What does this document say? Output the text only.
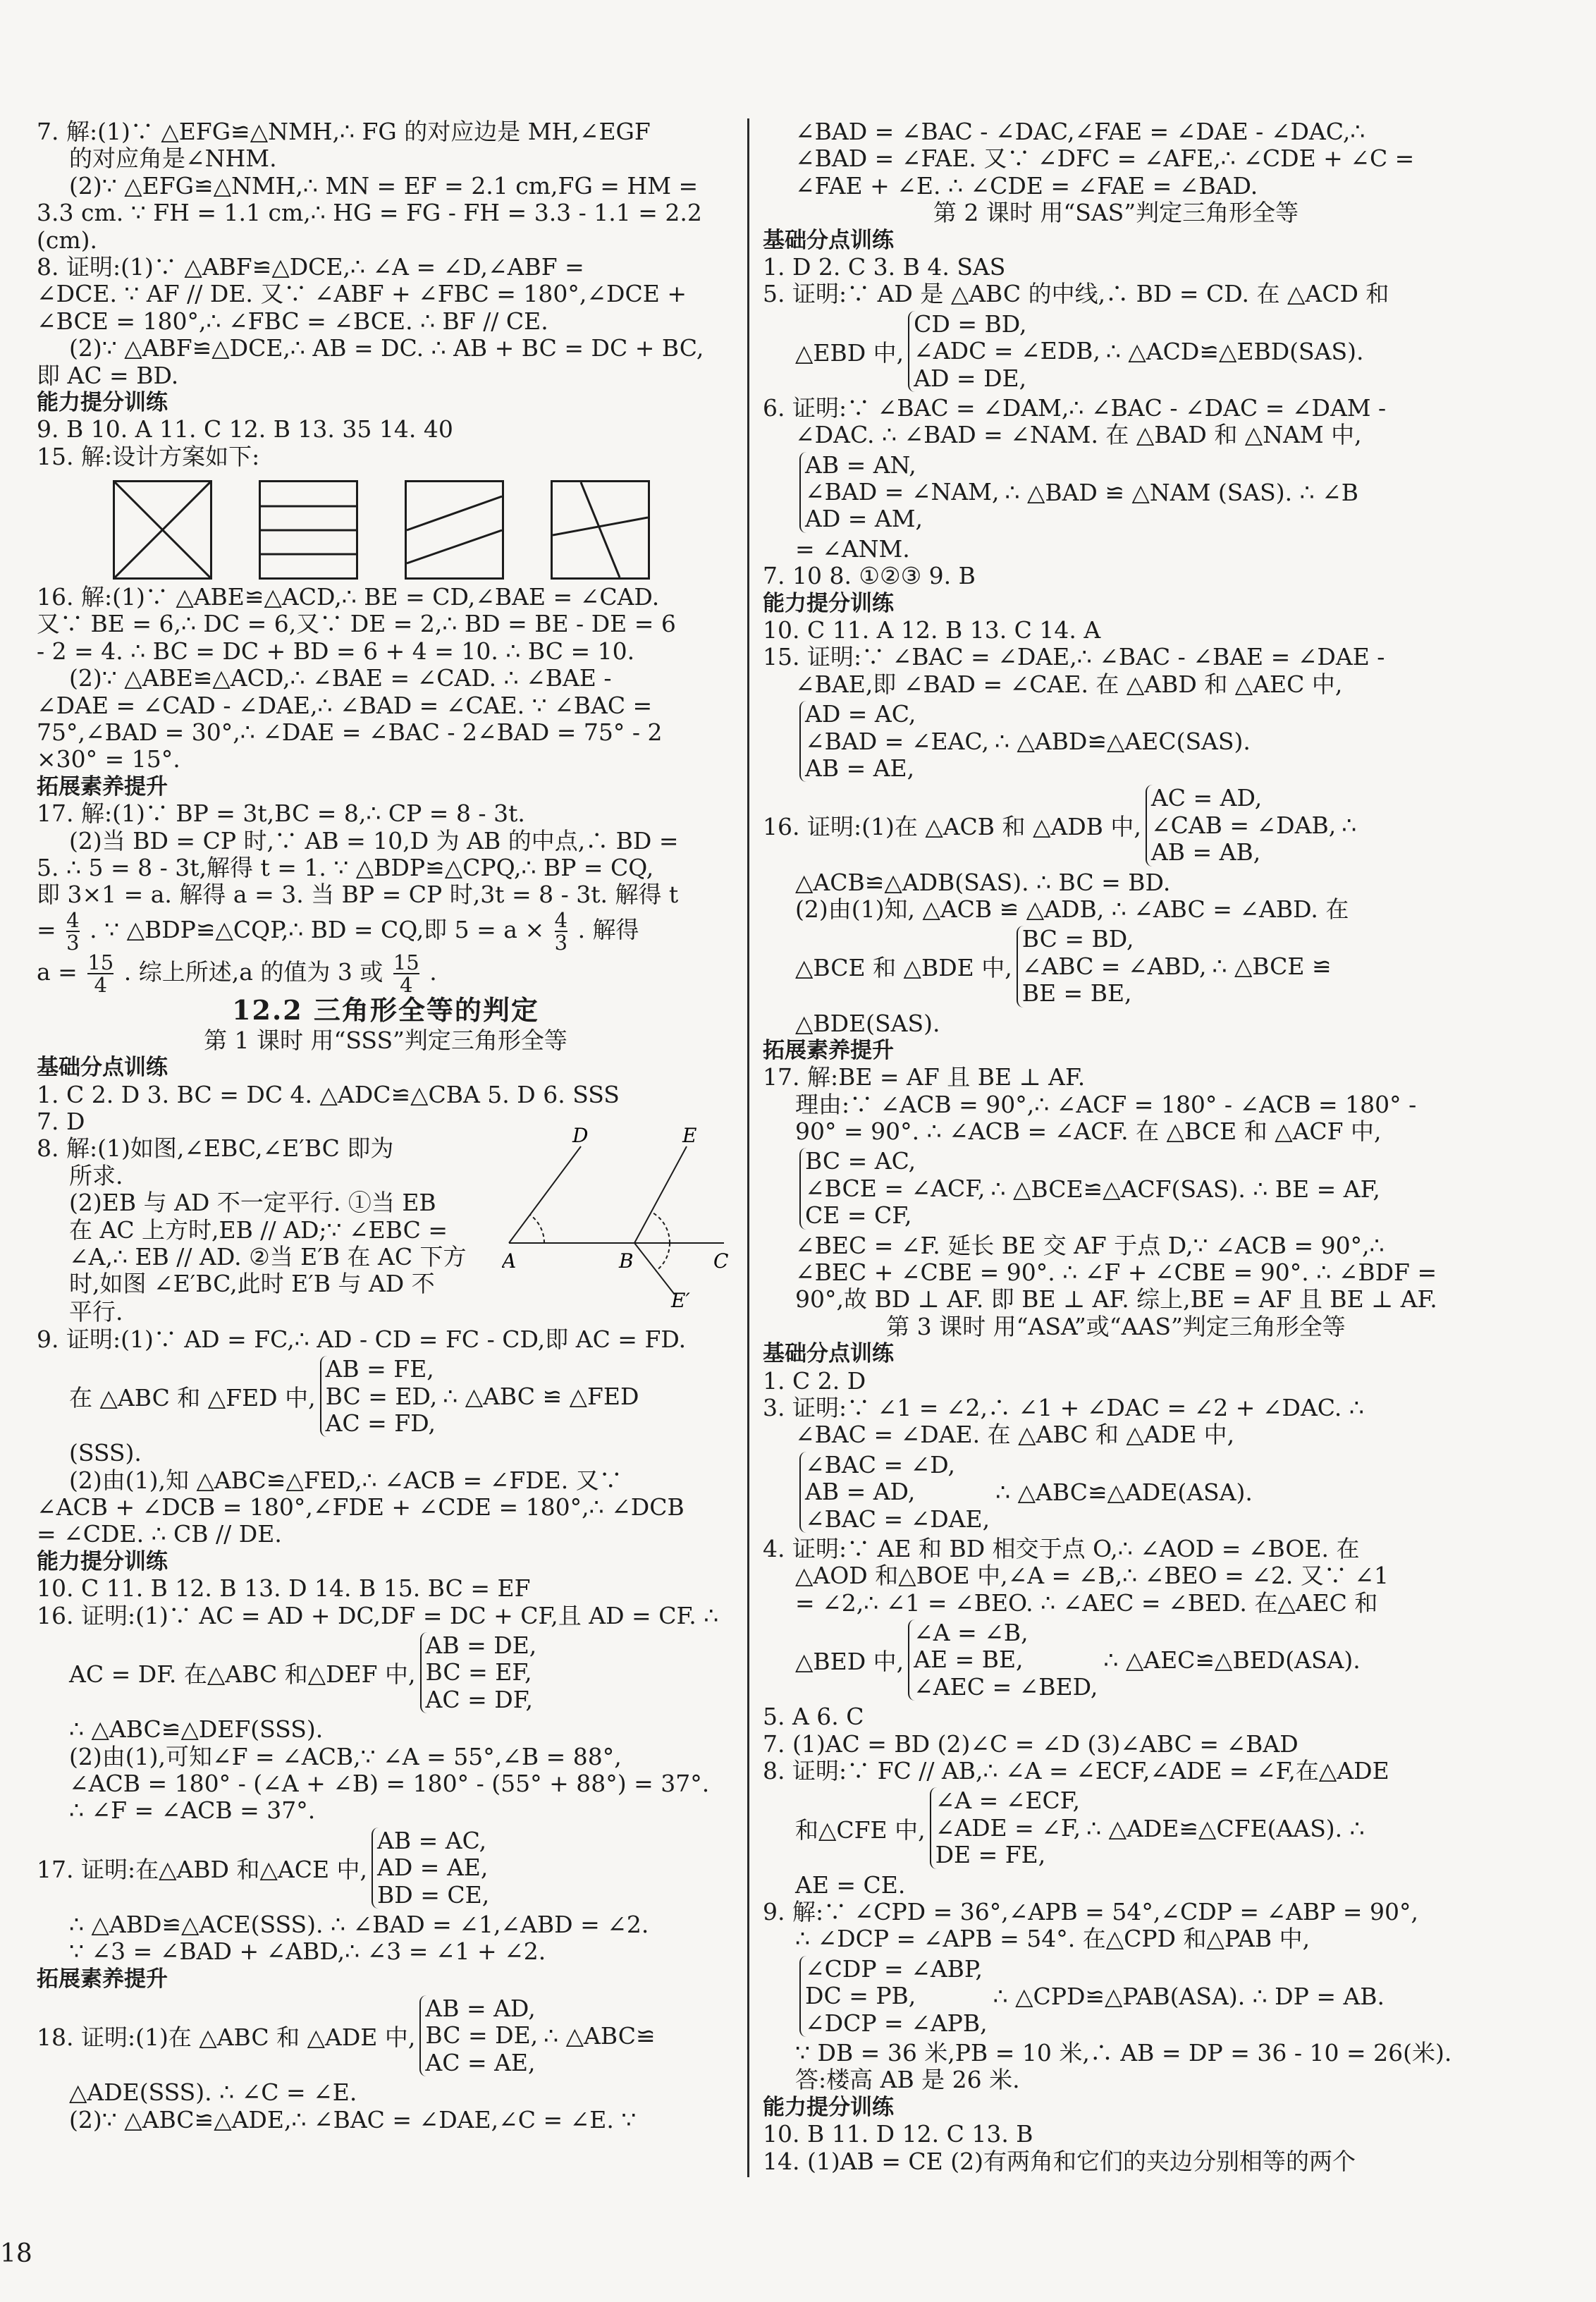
7. 解:(1)∵ △EFG≌△NMH,∴ FG 的对应边是 MH,∠EGF
的对应角是∠NHM.
(2)∵ △EFG≌△NMH,∴ MN = EF = 2.1 cm,FG = HM =
3.3 cm. ∵ FH = 1.1 cm,∴ HG = FG - FH = 3.3 - 1.1 = 2.2
(cm).
8. 证明:(1)∵ △ABF≌△DCE,∴ ∠A = ∠D,∠ABF =
∠DCE. ∵ AF // DE. 又∵ ∠ABF + ∠FBC = 180°,∠DCE +
∠BCE = 180°,∴ ∠FBC = ∠BCE. ∴ BF // CE.
(2)∵ △ABF≌△DCE,∴ AB = DC. ∴ AB + BC = DC + BC,
即 AC = BD.
能力提分训练
9. B 10. A 11. C 12. B 13. 35 14. 40
15. 解:设计方案如下:
16. 解:(1)∵ △ABE≌△ACD,∴ BE = CD,∠BAE = ∠CAD.
又∵ BE = 6,∴ DC = 6,又∵ DE = 2,∴ BD = BE - DE = 6
- 2 = 4. ∴ BC = DC + BD = 6 + 4 = 10. ∴ BC = 10.
(2)∵ △ABE≌△ACD,∴ ∠BAE = ∠CAD. ∴ ∠BAE -
∠DAE = ∠CAD - ∠DAE,∴ ∠BAD = ∠CAE. ∵ ∠BAC =
75°,∠BAD = 30°,∴ ∠DAE = ∠BAC - 2∠BAD = 75° - 2
×30° = 15°.
拓展素养提升
17. 解:(1)∵ BP = 3t,BC = 8,∴ CP = 8 - 3t.
(2)当 BD = CP 时,∵ AB = 10,D 为 AB 的中点,∴ BD =
5. ∴ 5 = 8 - 3t,解得 t = 1. ∵ △BDP≌△CPQ,∴ BP = CQ,
即 3×1 = a. 解得 a = 3. 当 BP = CP 时,3t = 8 - 3t. 解得 t
= $\frac{4}{3}$ . ∵ △BDP≌△CQP,∴ BD = CQ,即 $5 = a \times \frac{4}{3}$ . 解得
$a = \frac{15}{4}$ . 综上所述,a 的值为 3 或 $\frac{15}{4}$ .
12.2 三角形全等的判定
第 1 课时 用“SSS”判定三角形全等
基础分点训练
1. C 2. D 3. BC = DC 4. △ADC≌△CBA 5. D 6. SSS
7. D
8. 解:(1)如图,∠EBC,∠E′BC 即为
所求.
(2)EB 与 AD 不一定平行. ①当 EB
在 AC 上方时,EB // AD;∵ ∠EBC =
∠A,∴ EB // AD. ②当 E′B 在 AC 下方
时,如图 ∠E′BC,此时 E′B 与 AD 不
D	E
A	B	C
E′
平行.
9. 证明:(1)∵ AD = FC,∴ AD - CD = FC - CD,即 AC = FD.
在 △ABC 和 △FED 中,
AB = FE,
BC = ED,
AC = FD,
∴ △ABC ≌ △FED
(SSS).
(2)由(1),知 △ABC≌△FED,∴ ∠ACB = ∠FDE. 又∵
∠ACB + ∠DCB = 180°,∠FDE + ∠CDE = 180°,∴ ∠DCB
= ∠CDE. ∴ CB // DE.
能力提分训练
10. C 11. B 12. B 13. D 14. B 15. BC = EF
16. 证明:(1)∵ AC = AD + DC,DF = DC + CF,且 AD = CF. ∴
AC = DF. 在△ABC 和△DEF 中,
AB = DE,
BC = EF,
AC = DF,
∴ △ABC≌△DEF(SSS).
(2)由(1),可知∠F = ∠ACB,∵ ∠A = 55°,∠B = 88°,
∠ACB = 180° - (∠A + ∠B) = 180° - (55° + 88°) = 37°.
∴ ∠F = ∠ACB = 37°.
17. 证明:在△ABD 和△ACE 中,
AB = AC,
AD = AE,
BD = CE,
∴ △ABD≌△ACE(SSS). ∴ ∠BAD = ∠1,∠ABD = ∠2.
∵ ∠3 = ∠BAD + ∠ABD,∴ ∠3 = ∠1 + ∠2.
拓展素养提升
18. 证明:(1)在 △ABC 和 △ADE 中,
AB = AD,
BC = DE,
AC = AE,
∴ △ABC≌
△ADE(SSS). ∴ ∠C = ∠E.
(2)∵ △ABC≌△ADE,∴ ∠BAC = ∠DAE,∠C = ∠E. ∵
∠BAD = ∠BAC - ∠DAC,∠FAE = ∠DAE - ∠DAC,∴
∠BAD = ∠FAE. 又∵ ∠DFC = ∠AFE,∴ ∠CDE + ∠C =
∠FAE + ∠E. ∴ ∠CDE = ∠FAE = ∠BAD.
第 2 课时 用“SAS”判定三角形全等
基础分点训练
1. D 2. C 3. B 4. SAS
5. 证明:∵ AD 是 △ABC 的中线,∴ BD = CD. 在 △ACD 和
△EBD 中,
CD = BD,
∠ADC = ∠EDB,
AD = DE,
∴ △ACD≌△EBD(SAS).
6. 证明:∵ ∠BAC = ∠DAM,∴ ∠BAC - ∠DAC = ∠DAM -
∠DAC. ∴ ∠BAD = ∠NAM. 在 △BAD 和 △NAM 中,
AB = AN,
∠BAD = ∠NAM,
AD = AM,
∴ △BAD ≌ △NAM (SAS). ∴ ∠B
= ∠ANM.
7. 10 8. ①②③ 9. B
能力提分训练
10. C 11. A 12. B 13. C 14. A
15. 证明:∵ ∠BAC = ∠DAE,∴ ∠BAC - ∠BAE = ∠DAE -
∠BAE,即 ∠BAD = ∠CAE. 在 △ABD 和 △AEC 中,
AD = AC,
∠BAD = ∠EAC,
AB = AE,
∴ △ABD≌△AEC(SAS).
16. 证明:(1)在 △ACB 和 △ADB 中,
AC = AD,
∠CAB = ∠DAB,
AB = AB,
∴
△ACB≌△ADB(SAS). ∴ BC = BD.
(2)由(1)知, △ACB ≌ △ADB, ∴ ∠ABC = ∠ABD. 在
△BCE 和 △BDE 中,
BC = BD,
∠ABC = ∠ABD,
BE = BE,
∴ △BCE ≌
△BDE(SAS).
拓展素养提升
17. 解:BE = AF 且 BE ⊥ AF.
理由:∵ ∠ACB = 90°,∴ ∠ACF = 180° - ∠ACB = 180° -
90° = 90°. ∴ ∠ACB = ∠ACF. 在 △BCE 和 △ACF 中,
BC = AC,
∠BCE = ∠ACF,
CE = CF,
∴ △BCE≌△ACF(SAS). ∴ BE = AF,
∠BEC = ∠F. 延长 BE 交 AF 于点 D,∵ ∠ACB = 90°,∴
∠BEC + ∠CBE = 90°. ∴ ∠F + ∠CBE = 90°. ∴ ∠BDF =
90°,故 BD ⊥ AF. 即 BE ⊥ AF. 综上,BE = AF 且 BE ⊥ AF.
第 3 课时 用“ASA”或“AAS”判定三角形全等
基础分点训练
1. C 2. D
3. 证明:∵ ∠1 = ∠2,∴ ∠1 + ∠DAC = ∠2 + ∠DAC. ∴
∠BAC = ∠DAE. 在 △ABC 和 △ADE 中,
∠BAC = ∠D,
AB = AD,
∠BAC = ∠DAE,
∴ △ABC≌△ADE(ASA).
4. 证明:∵ AE 和 BD 相交于点 O,∴ ∠AOD = ∠BOE. 在
△AOD 和△BOE 中,∠A = ∠B,∴ ∠BEO = ∠2. 又∵ ∠1
= ∠2,∴ ∠1 = ∠BEO. ∴ ∠AEC = ∠BED. 在△AEC 和
△BED 中,
∠A = ∠B,
AE = BE,
∠AEC = ∠BED,
∴ △AEC≌△BED(ASA).
5. A 6. C
7. (1)AC = BD (2)∠C = ∠D (3)∠ABC = ∠BAD
8. 证明:∵ FC // AB,∴ ∠A = ∠ECF,∠ADE = ∠F,在△ADE
和△CFE 中,
∠A = ∠ECF,
∠ADE = ∠F,
DE = FE,
∴ △ADE≌△CFE(AAS). ∴
AE = CE.
9. 解:∵ ∠CPD = 36°,∠APB = 54°,∠CDP = ∠ABP = 90°,
∴ ∠DCP = ∠APB = 54°. 在△CPD 和△PAB 中,
∠CDP = ∠ABP,
DC = PB,
∠DCP = ∠APB,
∴ △CPD≌△PAB(ASA). ∴ DP = AB.
∵ DB = 36 米,PB = 10 米,∴ AB = DP = 36 - 10 = 26(米).
答:楼高 AB 是 26 米.
能力提分训练
10. B 11. D 12. C 13. B
14. (1)AB = CE (2)有两角和它们的夹边分别相等的两个
18
